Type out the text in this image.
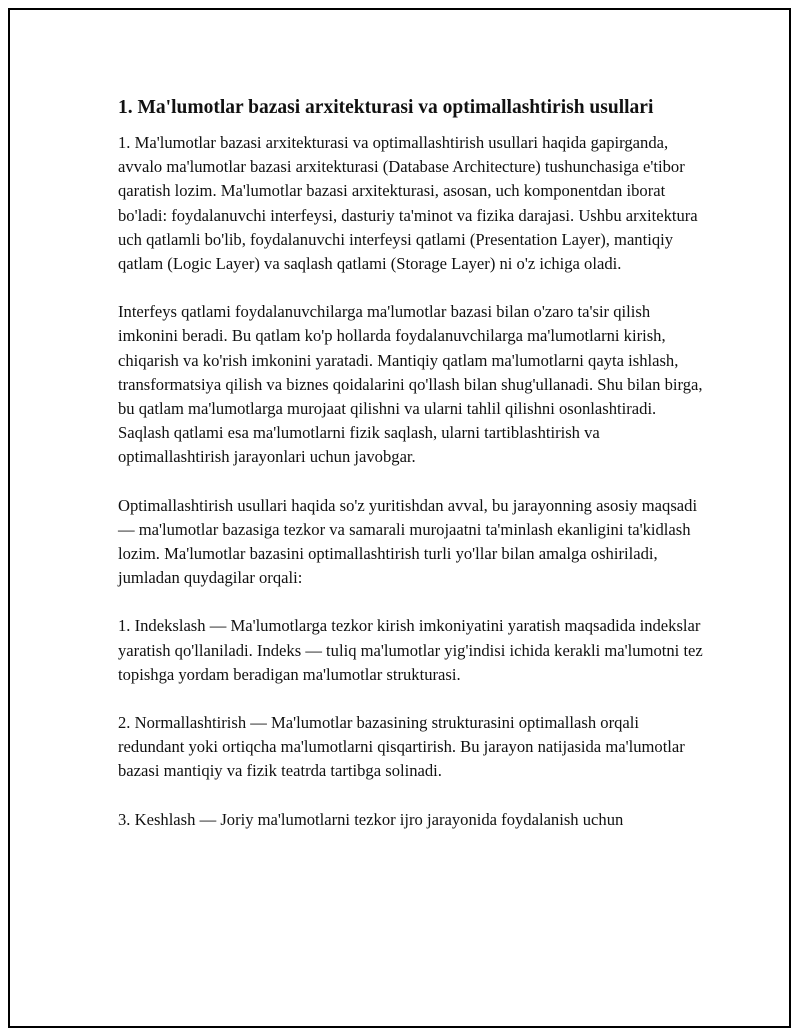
1. Ma'lumotlar bazasi arxitekturasi va optimallashtirish usullari

1. Ma'lumotlar bazasi arxitekturasi va optimallashtirish usullari haqida gapirganda, avvalo ma'lumotlar bazasi arxitekturasi (Database Architecture) tushunchasiga e'tibor qaratish lozim. Ma'lumotlar bazasi arxitekturasi, asosan, uch komponentdan iborat bo'ladi: foydalanuvchi interfeysi, dasturiy ta'minot va fizika darajasi. Ushbu arxitektura uch qatlamli bo'lib, foydalanuvchi interfeysi qatlami (Presentation Layer), mantiqiy qatlam (Logic Layer) va saqlash qatlami (Storage Layer) ni o'z ichiga oladi.

Interfeys qatlami foydalanuvchilarga ma'lumotlar bazasi bilan o'zaro ta'sir qilish imkonini beradi. Bu qatlam ko'p hollarda foydalanuvchilarga ma'lumotlarni kirish, chiqarish va ko'rish imkonini yaratadi. Mantiqiy qatlam ma'lumotlarni qayta ishlash, transformatsiya qilish va biznes qoidalarini qo'llash bilan shug'ullanadi. Shu bilan birga, bu qatlam ma'lumotlarga murojaat qilishni va ularni tahlil qilishni osonlashtiradi. Saqlash qatlami esa ma'lumotlarni fizik saqlash, ularni tartiblashtirish va optimallashtirish jarayonlari uchun javobgar.

Optimallashtirish usullari haqida so'z yuritishdan avval, bu jarayonning asosiy maqsadi — ma'lumotlar bazasiga tezkor va samarali murojaatni ta'minlash ekanligini ta'kidlash lozim. Ma'lumotlar bazasini optimallashtirish turli yo'llar bilan amalga oshiriladi, jumladan quydagilar orqali:

1. Indekslash — Ma'lumotlarga tezkor kirish imkoniyatini yaratish maqsadida indekslar yaratish qo'llaniladi. Indeks — tuliq ma'lumotlar yig'indisi ichida kerakli ma'lumotni tez topishga yordam beradigan ma'lumotlar strukturasi.

2. Normallashtirish — Ma'lumotlar bazasining strukturasini optimallash orqali redundant yoki ortiqcha ma'lumotlarni qisqartirish. Bu jarayon natijasida ma'lumotlar bazasi mantiqiy va fizik teatrda tartibga solinadi.

3. Keshlash — Joriy ma'lumotlarni tezkor ijro jarayonida foydalanish uchun
